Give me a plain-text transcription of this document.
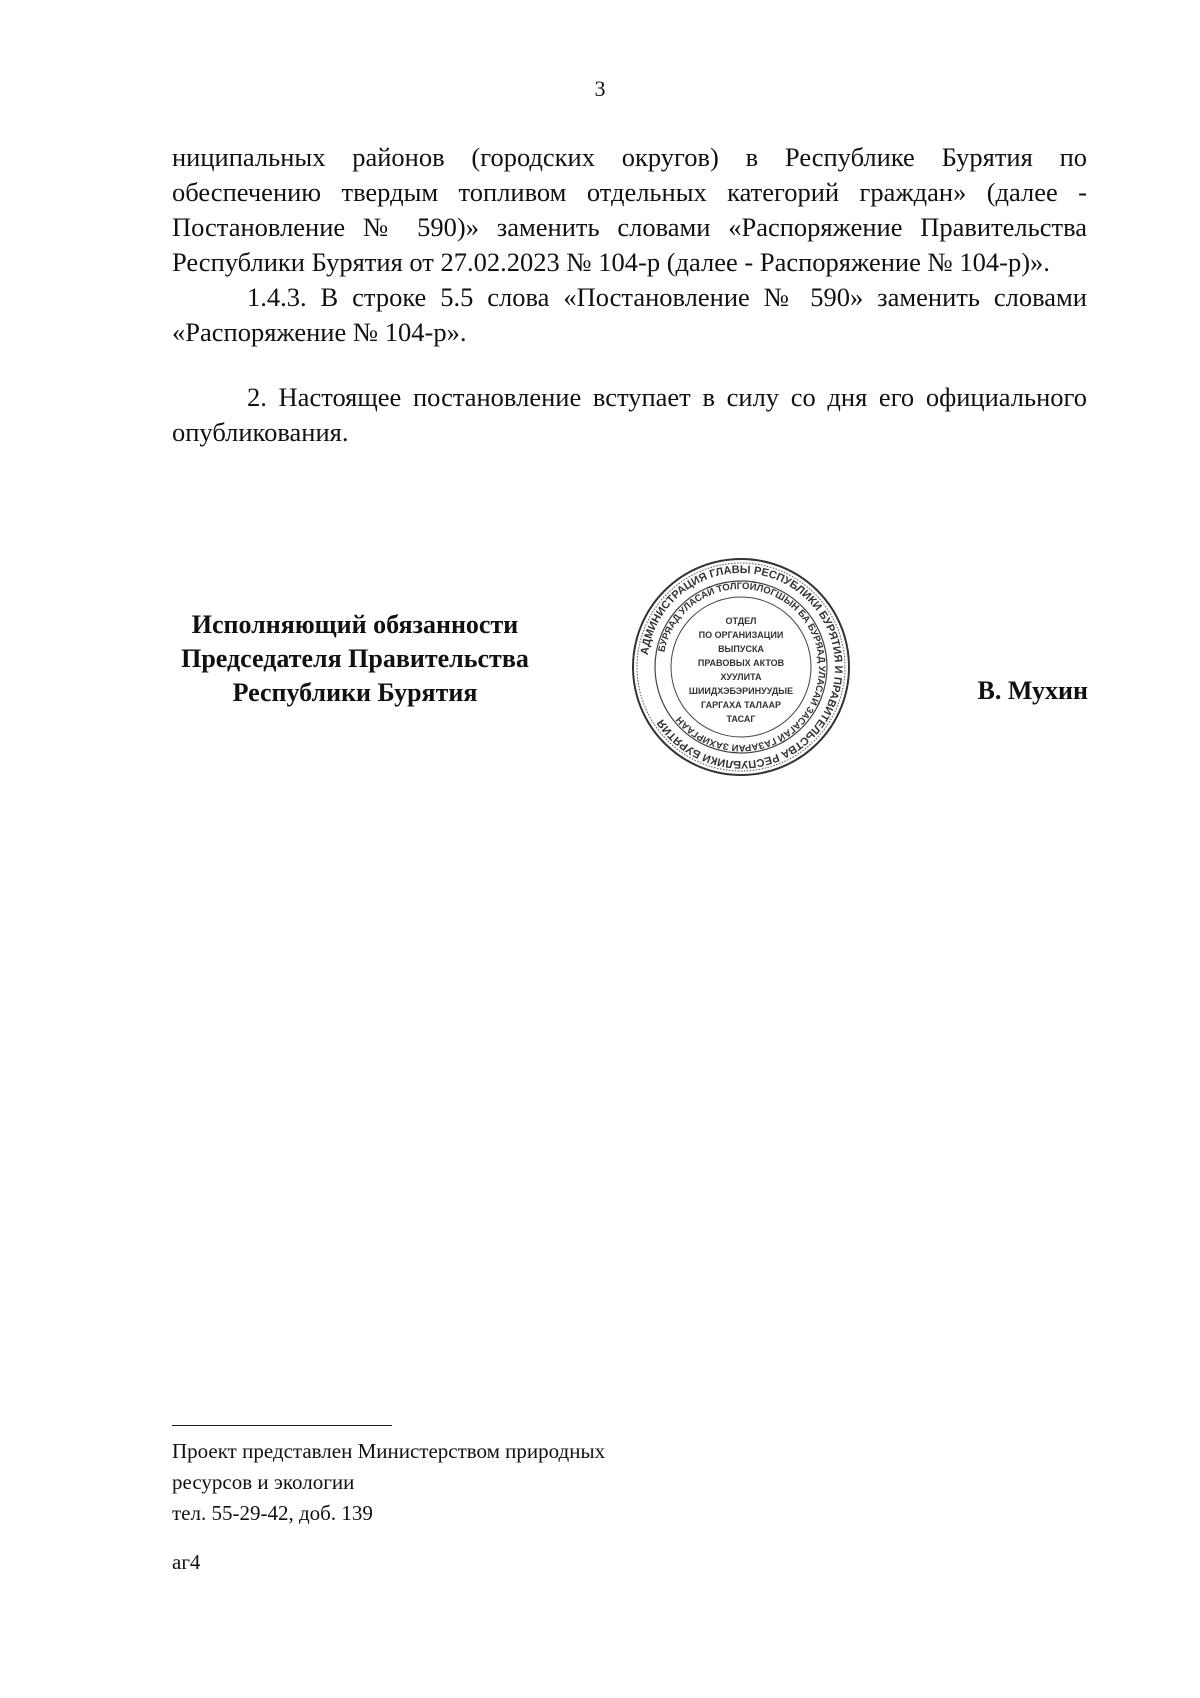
3

ниципальных районов (городских округов) в Республике Бурятия по обеспечению твердым топливом отдельных категорий граждан» (далее - Постановление № 590)» заменить словами «Распоряжение Правительства Республики Бурятия от 27.02.2023 № 104-р (далее - Распоряжение № 104-р)».

1.4.3. В строке 5.5 слова «Постановление № 590» заменить словами «Распоряжение № 104-р».

2. Настоящее постановление вступает в силу со дня его официального опубликования.

Исполняющий обязанности
Председателя Правительства
Республики Бурятия
АДМИНИСТРАЦИЯ ГЛАВЫ РЕСПУБЛИКИ БУРЯТИЯ И ПРАВИТЕЛЬСТВА РЕСПУБЛИКИ БУРЯТИЯ
БУРЯАД УЛАСАЙ ТОЛГОЙЛОГШЫН БА БУРЯАД УЛАСАЙ ЗАСАГАЙ ГАЗАРАЙ ЗАХИРГААН
ОТДЕЛ
ПО ОРГАНИЗАЦИИ
ВЫПУСКА
ПРАВОВЫХ АКТОВ
ХУУЛИТА
ШИИДХЭБЭРИНУУДЫЕ
ГАРГАХА ТАЛААР
ТАСАГ
В. Мухин
Проект представлен Министерством природных
ресурсов и экологии
тел. 55-29-42, доб. 139
аг4
